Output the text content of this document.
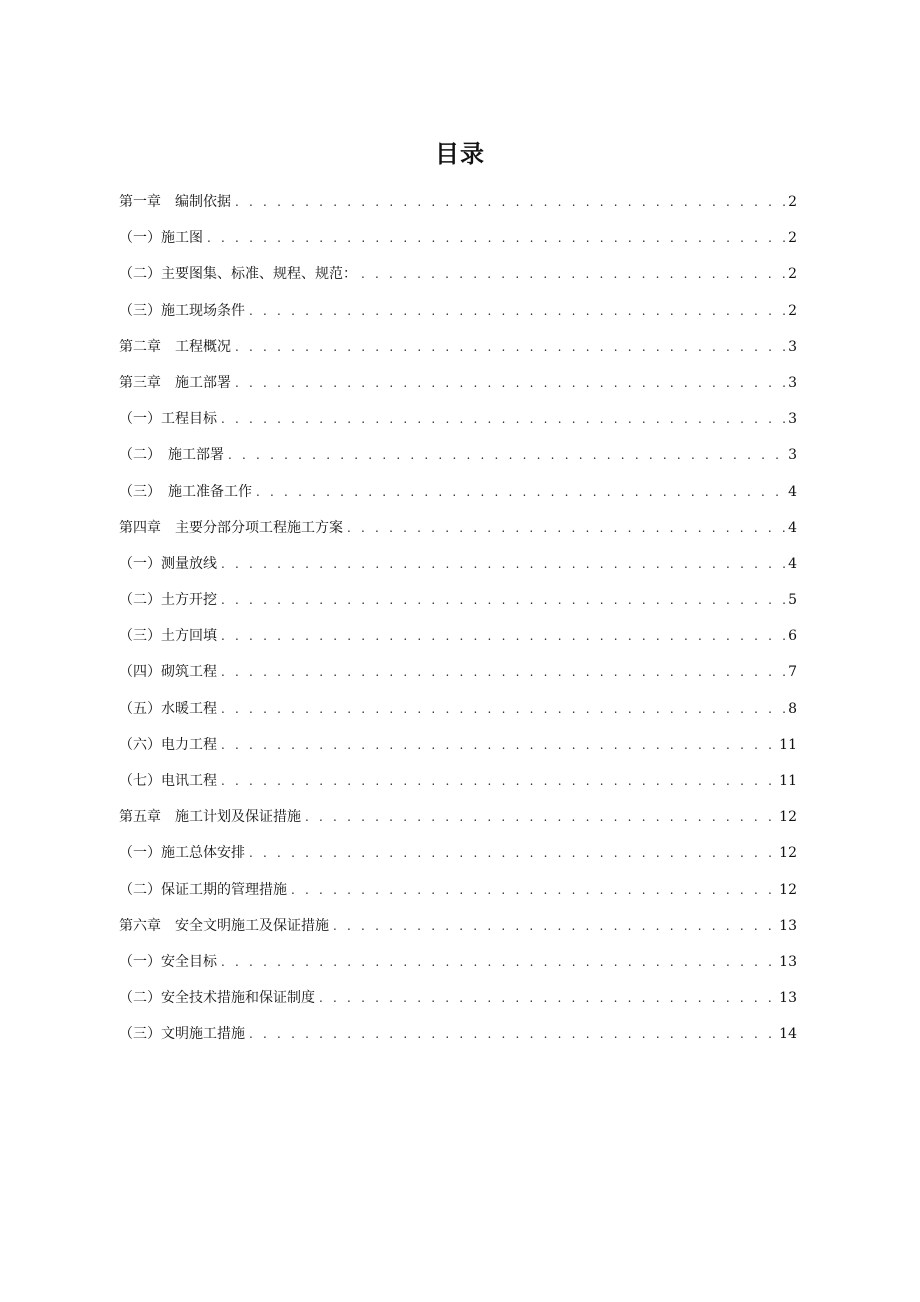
目录
第一章　编制依据 . . .	2
（一）施工图 . . .	2
（二）主要图集、标准、规程、规范： . . .	2
（三）施工现场条件 . . .	2
第二章　工程概况 . . .	3
第三章　施工部署 . . .	3
（一）工程目标 . . .	3
（二）　施工部署 . . .	3
（三）　施工准备工作 . . .	4
第四章　主要分部分项工程施工方案 . . .	4
（一）测量放线 . . .	4
（二）土方开挖 . . .	5
（三）土方回填 . . .	6
（四）砌筑工程 . . .	7
（五）水暖工程 . . .	8
（六）电力工程 . . .	11
（七）电讯工程 . . .	11
第五章　施工计划及保证措施 . . .	12
（一）施工总体安排 . . .	12
（二）保证工期的管理措施 . . .	12
第六章　安全文明施工及保证措施 . . .	13
（一）安全目标 . . .	13
（二）安全技术措施和保证制度 . . .	13
（三）文明施工措施 . . .	14
